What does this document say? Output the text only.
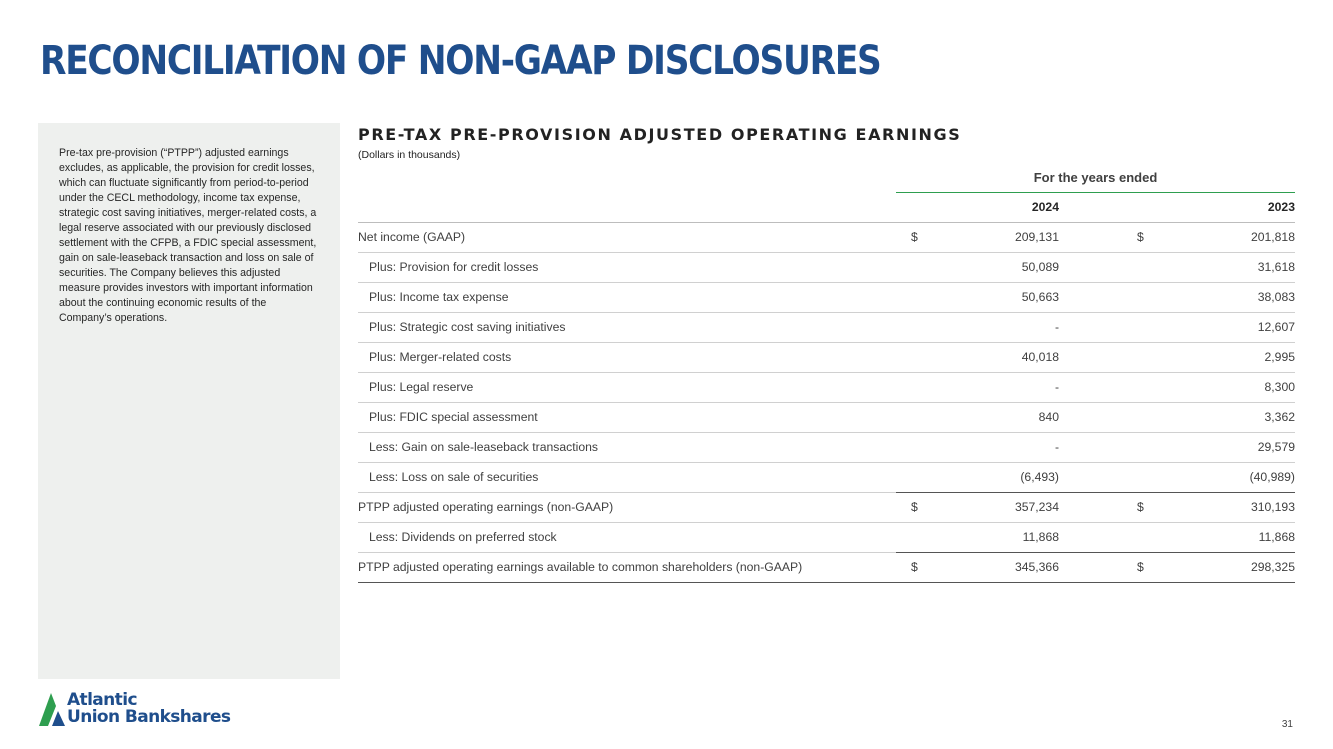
RECONCILIATION OF NON-GAAP DISCLOSURES
Pre-tax pre-provision (“PTPP”) adjusted earnings excludes, as applicable, the provision for credit losses, which can fluctuate significantly from period-to-period under the CECL methodology, income tax expense, strategic cost saving initiatives, merger-related costs, a legal reserve associated with our previously disclosed settlement with the CFPB, a FDIC special assessment, gain on sale-leaseback transaction and loss on sale of securities. The Company believes this adjusted measure provides investors with important information about the continuing economic results of the Company’s operations.
PRE-TAX PRE-PROVISION ADJUSTED OPERATING EARNINGS
(Dollars in thousands)
For the years ended
2024	2023
Net income (GAAP)	$	209,131	$	201,818
Plus: Provision for credit losses	50,089	31,618
Plus: Income tax expense	50,663	38,083
Plus: Strategic cost saving initiatives	-	12,607
Plus: Merger-related costs	40,018	2,995
Plus: Legal reserve	-	8,300
Plus: FDIC special assessment	840	3,362
Less: Gain on sale-leaseback transactions	-	29,579
Less: Loss on sale of securities	(6,493)	(40,989)
PTPP adjusted operating earnings (non-GAAP)	$	357,234	$	310,193
Less: Dividends on preferred stock	11,868	11,868
PTPP adjusted operating earnings available to common shareholders (non-GAAP)	$	345,366	$	298,325
Atlantic
Union Bankshares	31
